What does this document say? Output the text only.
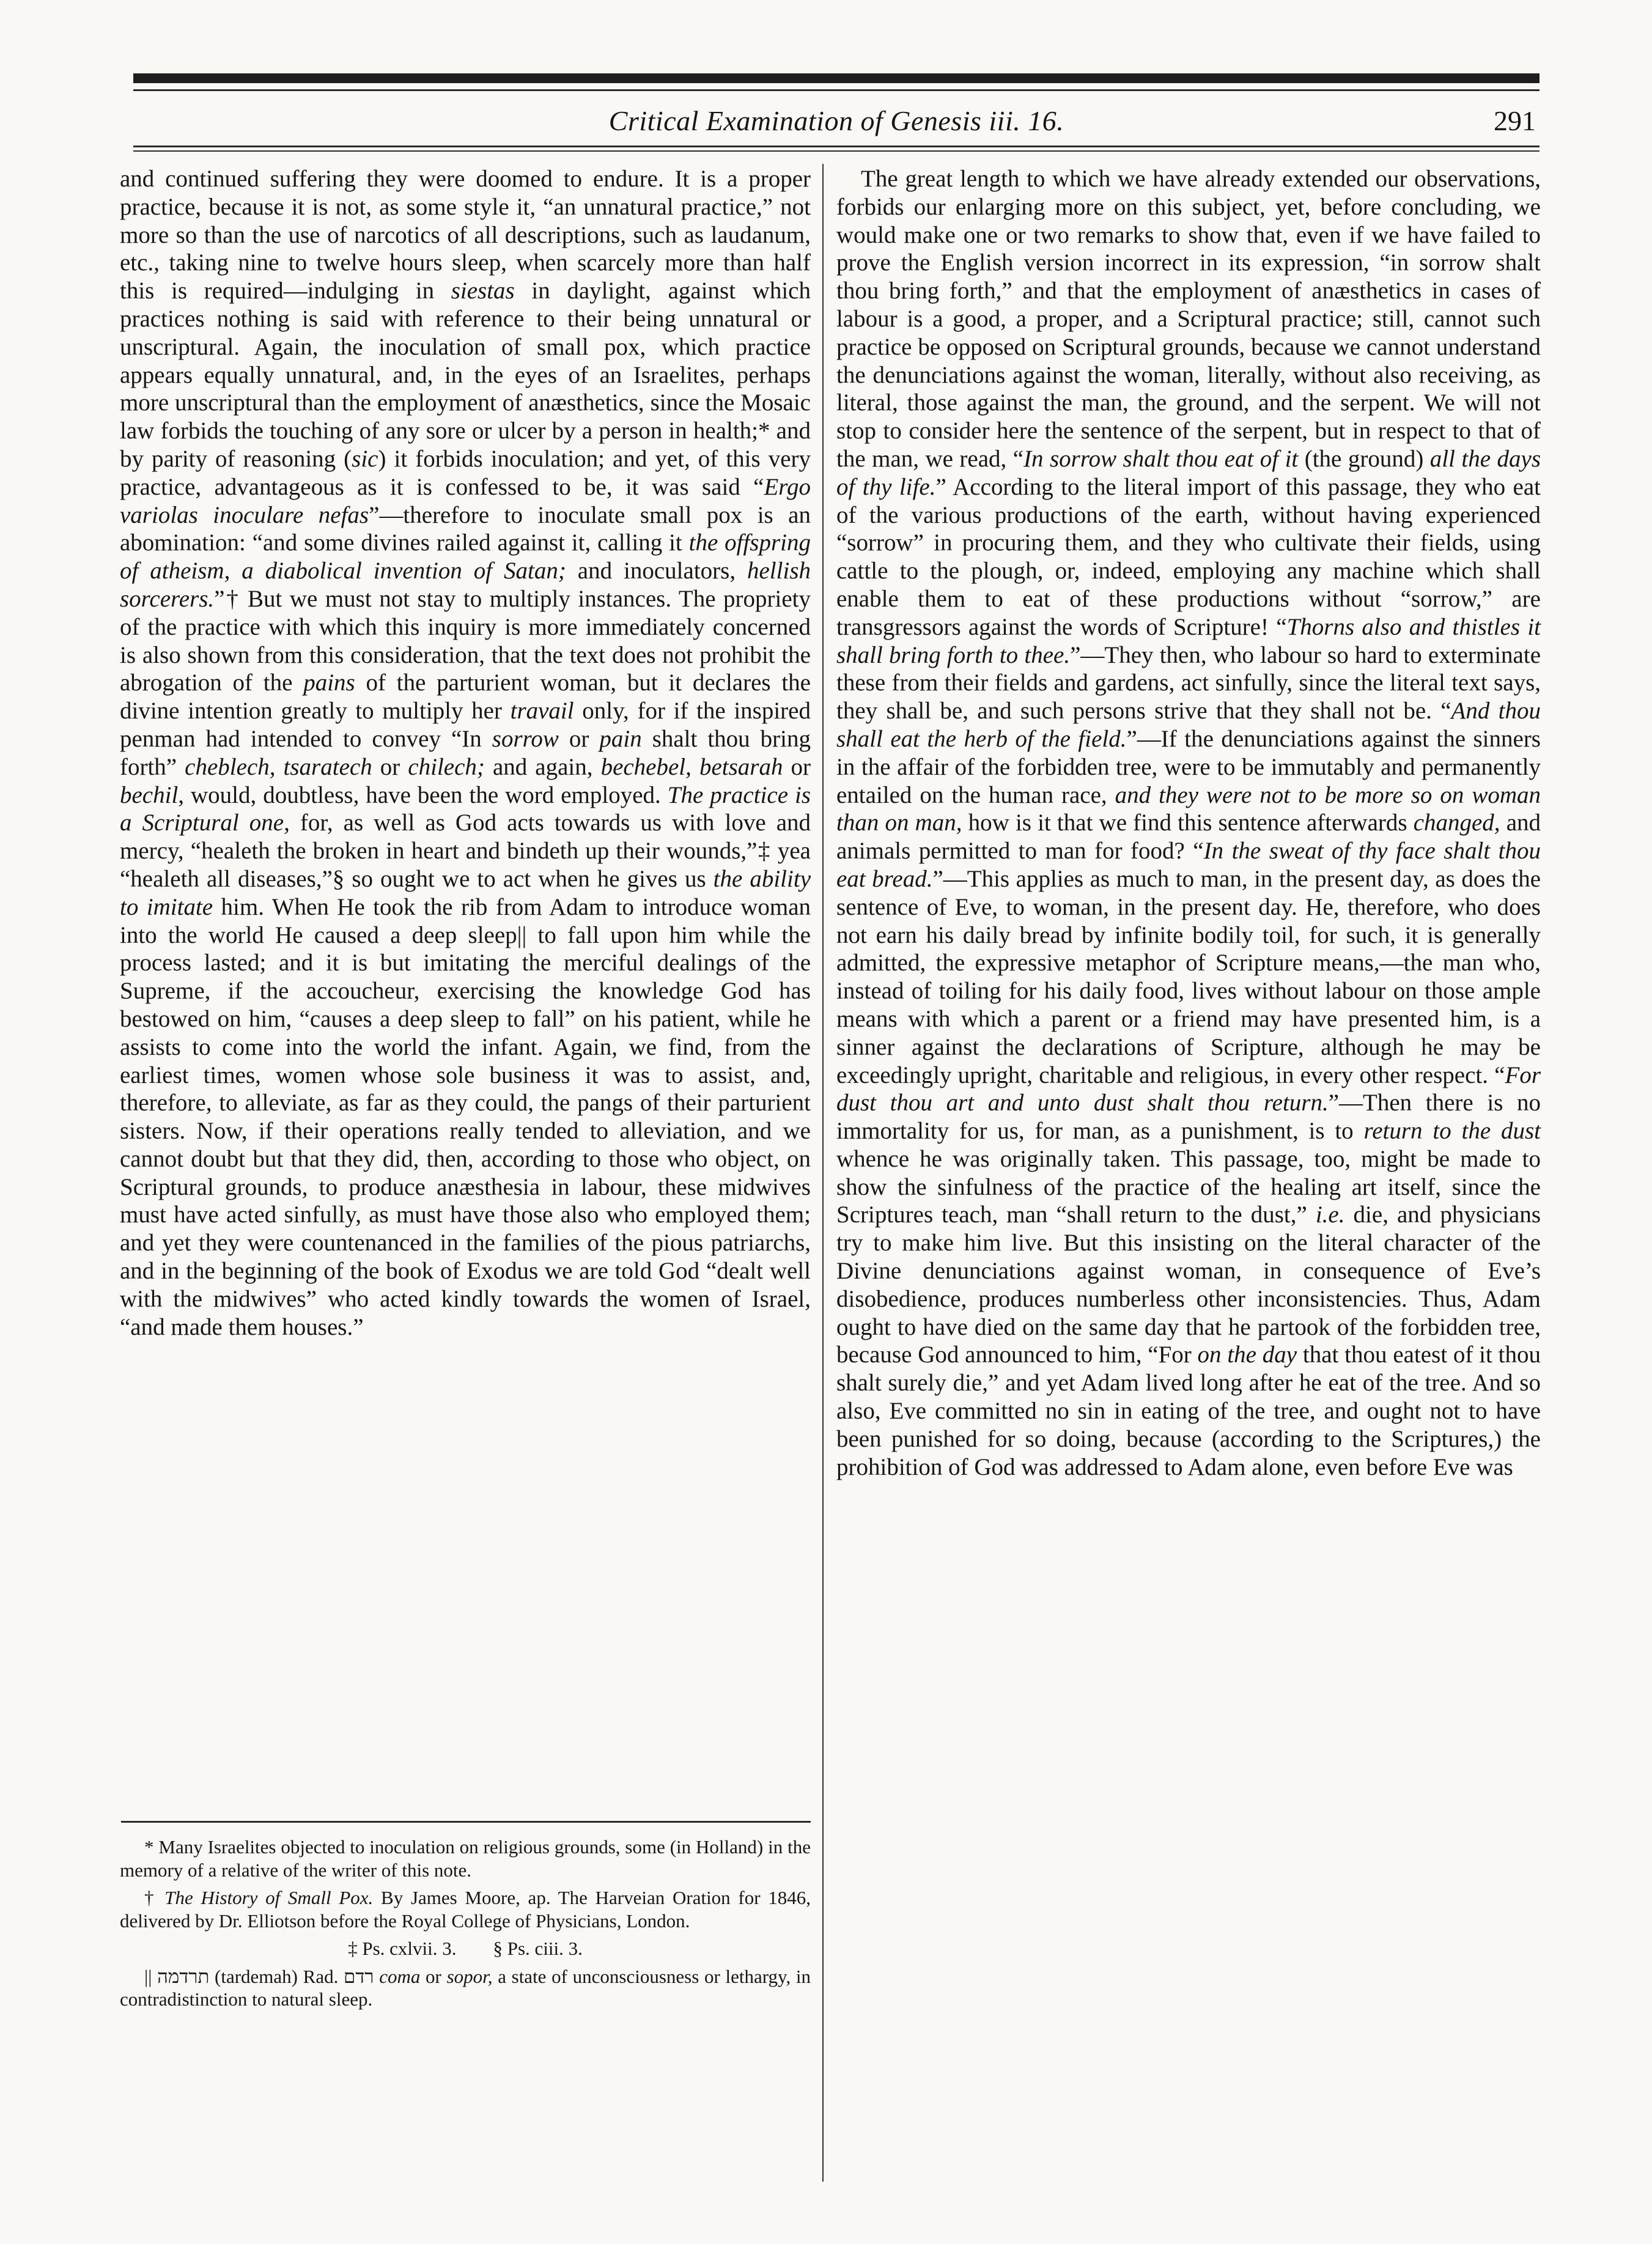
Critical Examination of Genesis iii. 16.	291

and continued suffering they were doomed to endure. It is a proper practice, because it is not, as some style it, “an unnatural practice,” not more so than the use of narcotics of all descriptions, such as laudanum, etc., taking nine to twelve hours sleep, when scarcely more than half this is required—indulging in siestas in daylight, against which practices nothing is said with reference to their being unnatural or unscriptural. Again, the inoculation of small pox, which practice appears equally unnatural, and, in the eyes of an Israelites, perhaps more unscriptural than the employment of anæsthetics, since the Mosaic law forbids the touching of any sore or ulcer by a person in health;* and by parity of reasoning (sic) it forbids inoculation; and yet, of this very practice, advantageous as it is confessed to be, it was said “Ergo variolas inoculare nefas”—therefore to inoculate small pox is an abomination: “and some divines railed against it, calling it the offspring of atheism, a diabolical invention of Satan; and inoculators, hellish sorcerers.”† But we must not stay to multiply instances. The propriety of the practice with which this inquiry is more immediately concerned is also shown from this consideration, that the text does not prohibit the abrogation of the pains of the parturient woman, but it declares the divine intention greatly to multiply her travail only, for if the inspired penman had intended to convey “In sorrow or pain shalt thou bring forth” cheblech, tsaratech or chilech; and again, bechebel, betsarah or bechil, would, doubtless, have been the word employed. The practice is a Scriptural one, for, as well as God acts towards us with love and mercy, “healeth the broken in heart and bindeth up their wounds,”‡ yea “healeth all diseases,”§ so ought we to act when he gives us the ability to imitate him. When He took the rib from Adam to introduce woman into the world He caused a deep sleep|| to fall upon him while the process lasted; and it is but imitating the merciful dealings of the Supreme, if the accoucheur, exercising the knowledge God has bestowed on him, “causes a deep sleep to fall” on his patient, while he assists to come into the world the infant. Again, we find, from the earliest times, women whose sole business it was to assist, and, therefore, to alleviate, as far as they could, the pangs of their parturient sisters. Now, if their operations really tended to alleviation, and we cannot doubt but that they did, then, according to those who object, on Scriptural grounds, to produce anæsthesia in labour, these midwives must have acted sinfully, as must have those also who employed them; and yet they were countenanced in the families of the pious patriarchs, and in the beginning of the book of Exodus we are told God “dealt well with the midwives” who acted kindly towards the women of Israel, “and made them houses.”

The great length to which we have already extended our observations, forbids our enlarging more on this subject, yet, before concluding, we would make one or two remarks to show that, even if we have failed to prove the English version incorrect in its expression, “in sorrow shalt thou bring forth,” and that the employment of anæsthetics in cases of labour is a good, a proper, and a Scriptural practice; still, cannot such practice be opposed on Scriptural grounds, because we cannot understand the denunciations against the woman, literally, without also receiving, as literal, those against the man, the ground, and the serpent. We will not stop to consider here the sentence of the serpent, but in respect to that of the man, we read, “In sorrow shalt thou eat of it (the ground) all the days of thy life.” According to the literal import of this passage, they who eat of the various productions of the earth, without having experienced “sorrow” in procuring them, and they who cultivate their fields, using cattle to the plough, or, indeed, employing any machine which shall enable them to eat of these productions without “sorrow,” are transgressors against the words of Scripture! “Thorns also and thistles it shall bring forth to thee.”—They then, who labour so hard to exterminate these from their fields and gardens, act sinfully, since the literal text says, they shall be, and such persons strive that they shall not be. “And thou shall eat the herb of the field.”—If the denunciations against the sinners in the affair of the forbidden tree, were to be immutably and permanently entailed on the human race, and they were not to be more so on woman than on man, how is it that we find this sentence afterwards changed, and animals permitted to man for food? “In the sweat of thy face shalt thou eat bread.”—This applies as much to man, in the present day, as does the sentence of Eve, to woman, in the present day. He, therefore, who does not earn his daily bread by infinite bodily toil, for such, it is generally admitted, the expressive metaphor of Scripture means,—the man who, instead of toiling for his daily food, lives without labour on those ample means with which a parent or a friend may have presented him, is a sinner against the declarations of Scripture, although he may be exceedingly upright, charitable and religious, in every other respect. “For dust thou art and unto dust shalt thou return.”—Then there is no immortality for us, for man, as a punishment, is to return to the dust whence he was originally taken. This passage, too, might be made to show the sinfulness of the practice of the healing art itself, since the Scriptures teach, man “shall return to the dust,” i.e. die, and physicians try to make him live. But this insisting on the literal character of the Divine denunciations against woman, in consequence of Eve’s disobedience, produces numberless other inconsistencies. Thus, Adam ought to have died on the same day that he partook of the forbidden tree, because God announced to him, “For on the day that thou eatest of it thou shalt surely die,” and yet Adam lived long after he eat of the tree. And so also, Eve committed no sin in eating of the tree, and ought not to have been punished for so doing, because (according to the Scriptures,) the prohibition of God was addressed to Adam alone, even before Eve was

* Many Israelites objected to inoculation on religious grounds, some (in Holland) in the memory of a relative of the writer of this note.

† The History of Small Pox. By James Moore, ap. The Harveian Oration for 1846, delivered by Dr. Elliotson before the Royal College of Physicians, London.

‡ Ps. cxlvii. 3. § Ps. ciii. 3.

|| תרדמה (tardemah) Rad. רדם coma or sopor, a state of unconsciousness or lethargy, in contradistinction to natural sleep.
